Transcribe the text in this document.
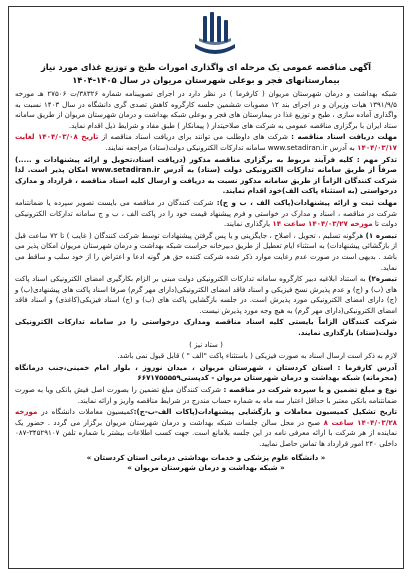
آگهی مناقصه عمومی یک مرحله ای واگذاری امورات طبخ و توزیع غذای مورد نیاز بیمارستانهای فجر و بوعلی شهرستان مریوان در سال ۱۴۰۵-۱۴۰۴

شبکه بهداشت و درمان شهرستان مریوان ( کارفرما ) در نظر دارد در اجرای تصویبنامه شماره ۳۸۳۲۶/ت ۲۷۵۰۶ هـ مورخه ۱۳۹۱/۹/۵ هیات وزیران و در اجرای بند ۱۲ مصوبات ششمین جلسه کارگروه کاهش تصدی گری دانشگاه در سال ۱۴۰۳ نسبت به واگذاری آماده سازی ، طبخ و توزیع غذا در بیمارستان های فجر و بوعلی شبکه بهداشت و درمان شهرستان مریوان از طریق سامانه ستاد ایران با برگزاری مناقصه عمومی به شرکت های صلاحیتدار ( پیمانکار ) طبق مفاد و شرایط ذیل اقدام نماید.

مهلت دریافت اسناد مناقصه : شرکت های داوطلب می توانند برای دریافت اسناد مناقصه از تاریخ ۱۴۰۴/۰۳/۰۸ لغایت ۱۴۰۴/۰۳/۱۷ به آدرس www.setadiran.ir سامانه تدارکات الکترونیکی دولت(ستاد) مراجعه نمایند.

تذکر مهم : کلیه فرآیند مربوط به برگزاری مناقصه مذکور (دریافت اسناد،تحویل و ارائه پیشنهادات و .....) صرفاً از طریق سامانه تدارکات الکترونیکی دولت (ستاد) به آدرس www.setadiran.ir امکان پذیر است. لذا شرکت کنندگان الزاماً از طریق سامانه مذکور نسبت به دریافت و ارسال کلیه اسناد مناقصه ، قرارداد و مدارک درخواستی (به استثناء پاکت الف)خود اقدام نمایند.

مهلت ثبت و ارائه پیشنهادات(پاکت الف ، ب و ج): شرکت کنندگان در مناقصه می بایست تصویر سپرده یا ضمانتنامه شرکت در مناقصه ، اسناد و مدارک در خواستی و فرم پیشنهاد قیمت خود را در پاکت الف ، ب و ج سامانه تدارکات الکترونیکی دولت تا مورخه ۱۴۰۴/۰۳/۲۷ ساعت ۱۴ بارگذاری نمایند.

تبصره ۱) هرگونه تسلیم ، تحویل ، اصلاح ، جایگزینی و یا پس گرفتن پیشنهادات توسط شرکت کنندگان ( غایب ) تا ۷۲ ساعت قبل از بازگشائی پیشنهادات) به استثناء ایام تعطیل از طریق دبیرخانه حراست شبکه بهداشت و درمان شهرستان مریوان امکان پذیر می باشد . بدیهی است در صورت عدم رعایت موارد ذکر شده شرکت کننده حق هر گونه ادعا و اعتراض را از خود سلب و ساقط می نماید.

تبصره۲) به استناد ابلاغیه دبیر کارگروه سامانه تدارکات الکترونیکی دولت مبنی بر الزام بکارگیری امضای الکترونیکی اسناد پاکت های (ب) و (ج) و عدم پذیرش نسخ فیزیکی و اسناد فاقد امضای الکترونیکی(دارای مهر گرم) صرفا اسناد پاکت های پیشنهادی(ب) و (ج) دارای امضای الکترونیکی مورد پذیرش است. در جلسه بازگشایی پاکت های (ب) و (ج) اسناد فیزیکی(کاغذی) و اسناد فاقد امضای الکترونیکی(دارای مهر گرم) به هیچ وجه مورد پذیرش نیست.

شرکت کنندگان الزاماً بایستی کلیه اسناد مناقصه ومدارک درخواستی را در سامانه تدارکات الکترونیکی دولت(ستاد) بارگذاری نمایند.

( ستاد نیز )

لازم به ذکر است ارسال اسناد به صورت فیزیکی ( باستثناء پاکت "الف " ) قابل قبول نمی باشد.

آدرس کارفرما : استان کردستان ، شهرستان مریوان ، میدان نوروز ، بلوار امام خمینی،جنب درمانگاه (محرمانه) شبکه بهداشت و درمان شهرستان مریوان - کدپستی۶۶۷۱۷۵۵۵۵۹

نوع و مبلغ تضمین و یا سپرده شرکت در مناقصه : شرکت کنندگان مبلغ تضمین را بصورت اصل فیش بانکی ویا به صورت ضمانتنامه بانکی معتبر با حداقل اعتبار سه ماه به شماره حساب مندرج در شرایط مناقصه واریز و ارائه نمایند.

تاریخ تشکیل کمیسیون معاملات و بازگشایی پیشنهادات(پاکات الف-ب-ج):کمیسیون معاملات دانشگاه در مورخه ۱۴۰۴/۰۳/۲۸ ساعت ۸ صبح در محل سالن جلسات شبکه بهداشت و درمان شهرستان مریوان برگزار می گردد . حضور یک نماینده از هر شرکت با ارائه معرفی نامه در این جلسه بلامانع است. جهت کسب اطلاعات بیشتر با شماره تلفن ۳۴۵۲۹۱۰۷-۰۸۷ داخلی ۲۴۰ امور قرارداد ها تماس حاصل نمایید.

« دانشگاه علوم پزشکی و خدمات بهداشتی درمانی استان کردستان »
« شبکه بهداشت و درمان شهرستان مریوان »
